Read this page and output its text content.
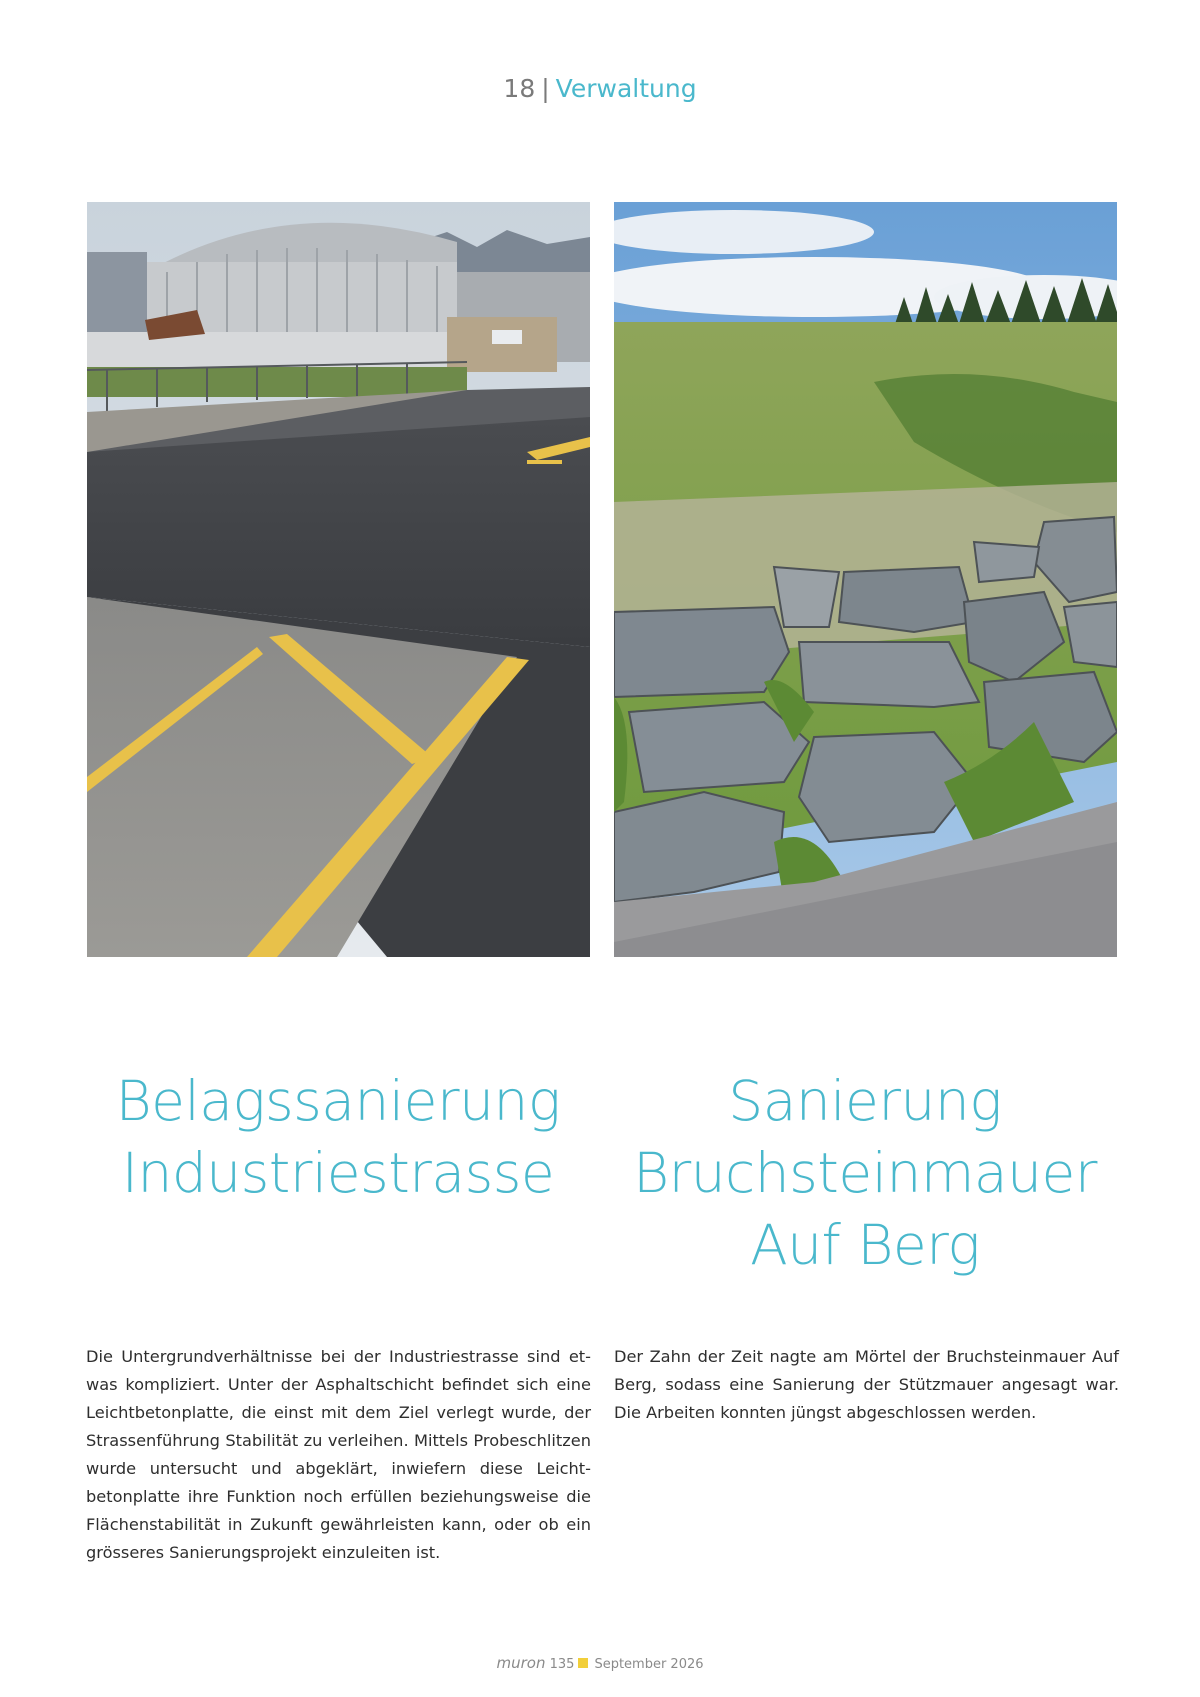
18 | Verwaltung
Belagssanierung
Industriestrasse
Sanierung
Bruchsteinmauer
Auf Berg

Die Untergrundverhältnisse bei der Industriestrasse sind etwas kompliziert. Unter der Asphaltschicht befindet sich eine Leichtbetonplatte, die einst mit dem Ziel verlegt wurde, der Strassenführung Stabilität zu verleihen. Mittels Probeschlitzen wurde untersucht und abgeklärt, inwiefern diese Leichtbetonplatte ihre Funktion noch erfüllen beziehungsweise die Flächenstabilität in Zukunft gewährleisten kann, oder ob ein grösseres Sanierungsprojekt einzuleiten ist.

Der Zahn der Zeit nagte am Mörtel der Bruchsteinmauer Auf Berg, sodass eine Sanierung der Stützmauer angesagt war. Die Arbeiten konnten jüngst abgeschlossen werden.

muron 135 September 2026
